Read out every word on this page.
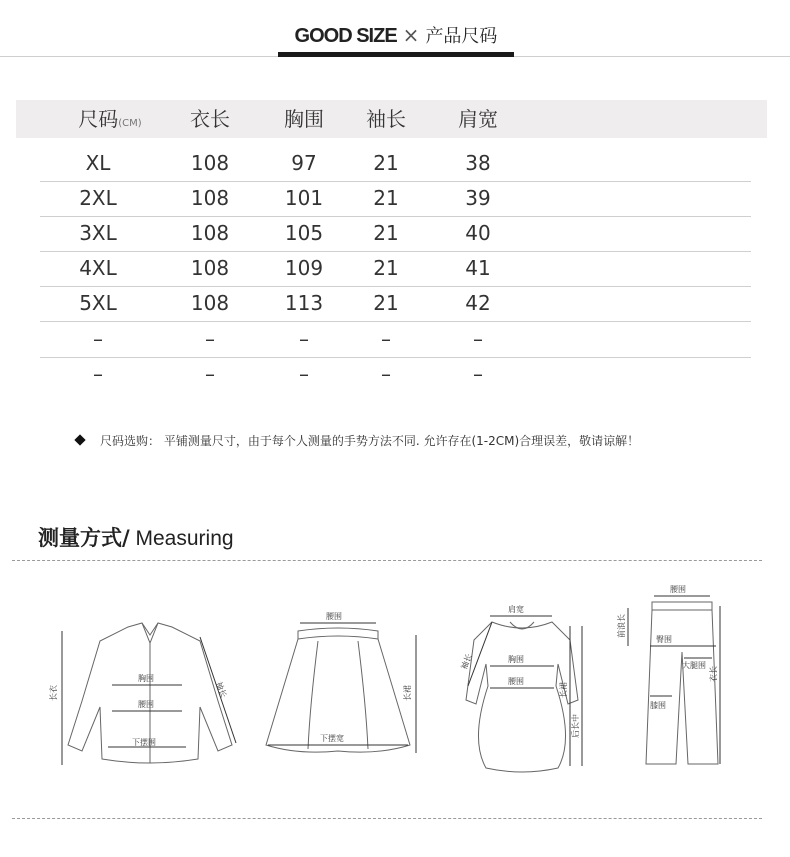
GOOD SIZE × 产品尺码
尺码(CM)	衣长	胸围	袖长	肩宽
XL	108	97	21	38
2XL	108	101	21	39
3XL	108	105	21	40
4XL	108	109	21	41
5XL	108	113	21	42
–	–	–	–	–
–	–	–	–	–
尺码选购： 平铺测量尺寸，由于每个人测量的手势方法不同. 允许存在(1-2CM)合理误差，敬请谅解！
测量方式/ Measuring
长衣	袖长
胸围
腰围
下摆围
腰围
下摆宽
长裙
肩宽
袖长	胸围
腰围
长裙
后长中
腰围
前浪长
臀围
大腿围
膝围
衣长
